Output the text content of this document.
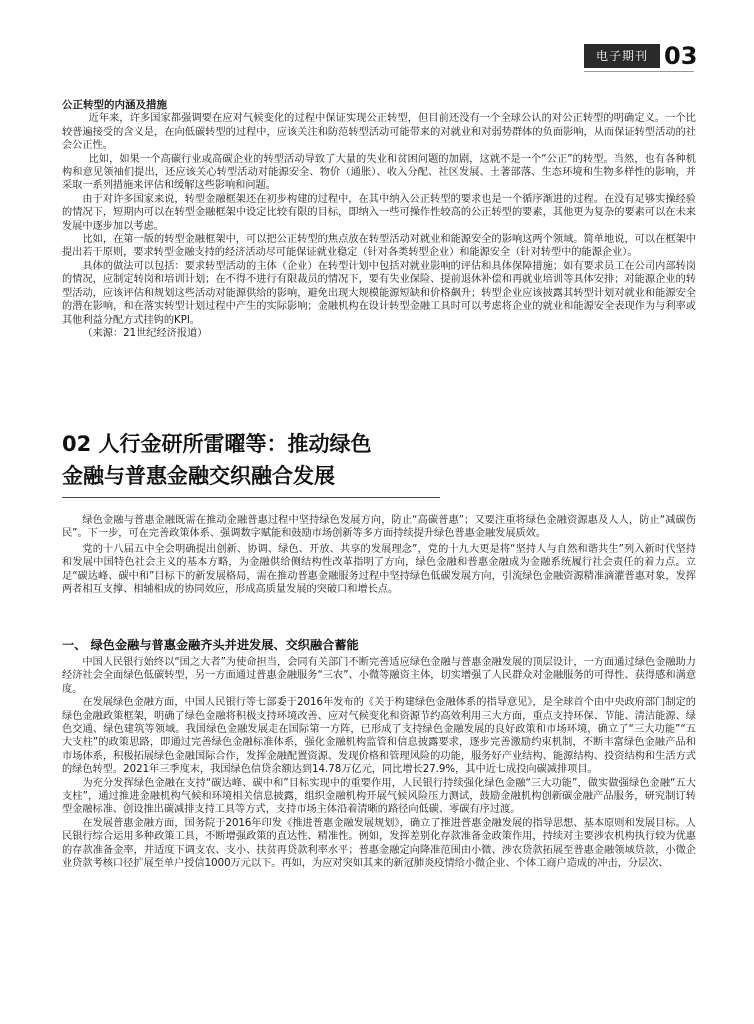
电子期刊 03

公正转型的内涵及措施

近年来，许多国家都强调要在应对气候变化的过程中保证实现公正转型，但目前还没有一个全球公认的对公正转型的明确定义。一个比较普遍接受的含义是，在向低碳转型的过程中，应该关注和防范转型活动可能带来的对就业和对弱势群体的负面影响，从而保证转型活动的社会公正性。

比如，如果一个高碳行业或高碳企业的转型活动导致了大量的失业和贫困问题的加剧，这就不是一个“公正”的转型。当然，也有各种机构和意见领袖们提出，还应该关心转型活动对能源安全、物价（通胀）、收入分配、社区发展、土著部落、生态环境和生物多样性的影响，并采取一系列措施来评估和缓解这些影响和问题。

由于对许多国家来说，转型金融框架还在初步构建的过程中，在其中纳入公正转型的要求也是一个循序渐进的过程。在没有足够实操经验的情况下，短期内可以在转型金融框架中设定比较有限的目标，即纳入一些可操作性较高的公正转型的要素，其他更为复杂的要素可以在未来发展中逐步加以考虑。

比如，在第一版的转型金融框架中，可以把公正转型的焦点放在转型活动对就业和能源安全的影响这两个领域。简单地说，可以在框架中提出若干原则，要求转型金融支持的经济活动尽可能保证就业稳定（针对各类转型企业）和能源安全（针对转型中的能源企业）。

具体的做法可以包括：要求转型活动的主体（企业）在转型计划中包括对就业影响的评估和具体保障措施；如有要求员工在公司内部转岗的情况，应制定转岗和培训计划；在不得不进行有限裁员的情况下，要有失业保险、提前退休补偿和再就业培训等具体安排；对能源企业的转型活动，应该评估和规划这些活动对能源供给的影响，避免出现大规模能源短缺和价格飙升；转型企业应该披露其转型计划对就业和能源安全的潜在影响，和在落实转型计划过程中产生的实际影响；金融机构在设计转型金融工具时可以考虑将企业的就业和能源安全表现作为与利率或其他利益分配方式挂钩的KPI。

（来源：21世纪经济报道）

02 人行金研所雷曜等：推动绿色
金融与普惠金融交织融合发展

绿色金融与普惠金融既需在推动金融普惠过程中坚持绿色发展方向，防止“高碳普惠”；又要注重将绿色金融资源惠及人人，防止“减碳伤民”。下一步，可在完善政策体系、强调数字赋能和鼓励市场创新等多方面持续提升绿色普惠金融发展质效。

党的十八届五中全会明确提出创新、协调、绿色、开放、共享的发展理念”，党的十九大更是将“坚持人与自然和谐共生”列入新时代坚持和发展中国特色社会主义的基本方略，为金融供给侧结构性改革指明了方向，绿色金融和普惠金融成为金融系统履行社会责任的着力点。立足“碳达峰、碳中和”目标下的新发展格局，需在推动普惠金融服务过程中坚持绿色低碳发展方向，引流绿色金融资源精准滴灌普惠对象，发挥两者相互支撑、相辅相成的协同效应，形成高质量发展的突破口和增长点。

一、 绿色金融与普惠金融齐头并进发展、交织融合蓄能

中国人民银行始终以“国之大者”为使命担当，会同有关部门不断完善适应绿色金融与普惠金融发展的顶层设计，一方面通过绿色金融助力经济社会全面绿色低碳转型，另一方面通过普惠金融服务“三农”、小微等融资主体，切实增强了人民群众对金融服务的可得性、获得感和满意度。

在发展绿色金融方面，中国人民银行等七部委于2016年发布的《关于构建绿色金融体系的指导意见》，是全球首个由中央政府部门制定的绿色金融政策框架，明确了绿色金融将积极支持环境改善、应对气候变化和资源节约高效利用三大方面，重点支持环保、节能、清洁能源、绿色交通、绿色建筑等领域。我国绿色金融发展走在国际第一方阵，已形成了支持绿色金融发展的良好政策和市场环境，确立了“三大功能”“五大支柱”的政策思路，即通过完善绿色金融标准体系，强化金融机构监管和信息披露要求，逐步完善激励约束机制，不断丰富绿色金融产品和市场体系，积极拓展绿色金融国际合作，发挥金融配置资源、发现价格和管理风险的功能，服务好产业结构、能源结构、投资结构和生活方式的绿色转型。2021年三季度末，我国绿色信贷余额达到14.78万亿元，同比增长27.9%，其中近七成投向碳减排项目。

为充分发挥绿色金融在支持“碳达峰、碳中和”目标实现中的重要作用，人民银行持续强化绿色金融“三大功能”，做实做强绿色金融“五大支柱”，通过推进金融机构气候和环境相关信息披露，组织金融机构开展气候风险压力测试，鼓励金融机构创新碳金融产品服务，研究制订转型金融标准、创设推出碳减排支持工具等方式，支持市场主体沿着清晰的路径向低碳、零碳有序过渡。

在发展普惠金融方面，国务院于2016年印发《推进普惠金融发展规划》，确立了推进普惠金融发展的指导思想、基本原则和发展目标。人民银行综合运用多种政策工具，不断增强政策的直达性、精准性。例如，发挥差别化存款准备金政策作用，持续对主要涉农机构执行较为优惠的存款准备金率，并适度下调支农、支小、扶贫再贷款利率水平；普惠金融定向降准范围由小微、涉农贷款拓展至普惠金融领域贷款，小微企业贷款考核口径扩展至单户授信1000万元以下。再如，为应对突如其来的新冠肺炎疫情给小微企业、个体工商户造成的冲击，分层次、
